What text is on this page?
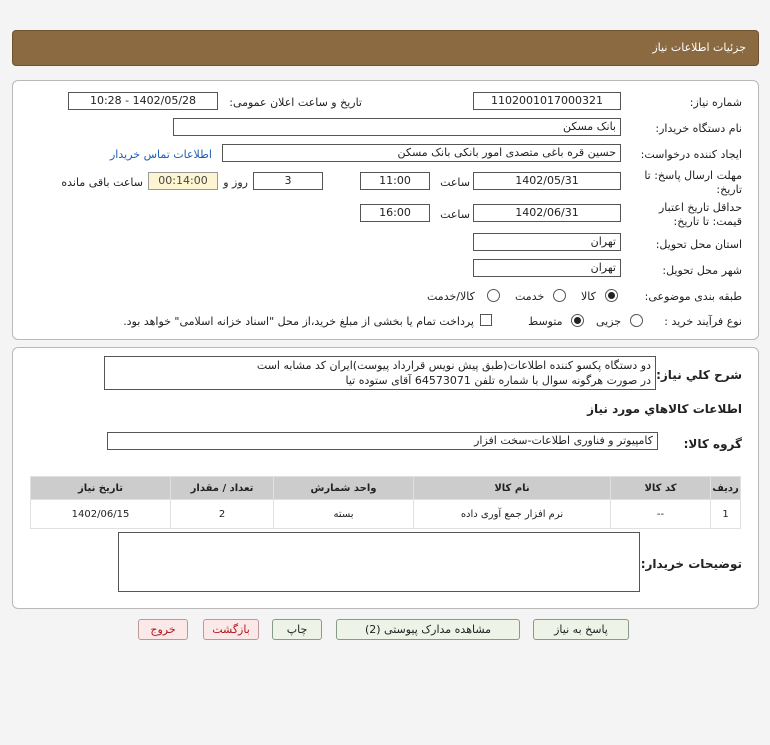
جزئیات اطلاعات نیاز
شماره نیاز:
1102001017000321
تاریخ و ساعت اعلان عمومی:
1402/05/28 - 10:28
نام دستگاه خریدار:
بانک مسکن
ایجاد کننده درخواست:
حسین قره باغی متصدی امور بانکی بانک مسکن
اطلاعات تماس خریدار
مهلت ارسال پاسخ: تا
تاریخ:
1402/05/31
ساعت
11:00
3
روز و
00:14:00
ساعت باقی مانده
حداقل تاریخ اعتبار
قیمت: تا تاریخ:
1402/06/31
ساعت
16:00
استان محل تحویل:
تهران
شهر محل تحویل:
تهران
طبقه بندی موضوعی:
کالا
خدمت
کالا/خدمت
نوع فرآیند خرید :
جزیی
متوسط
پرداخت تمام یا بخشی از مبلغ خرید،از محل "اسناد خزانه اسلامی" خواهد بود.
شرح کلي نياز:
دو دستگاه پکسو کننده اطلاعات(طبق پیش نویس قرارداد پیوست)ایران کد مشابه است
در صورت هرگونه سوال با شماره تلفن 64573071 آقای ستوده تیا
اطلاعات کالاهاي مورد نياز
گروه کالا:
کامپیوتر و فناوری اطلاعات-سخت افزار
ردیف	کد کالا	نام کالا	واحد شمارش	تعداد / مقدار	تاریخ نیاز
1	--	نرم افزار جمع آوری داده	بسته	2	1402/06/15
توضیحات خریدار:
پاسخ به نیاز
مشاهده مدارک پیوستی (2)
چاپ
بازگشت
خروج
